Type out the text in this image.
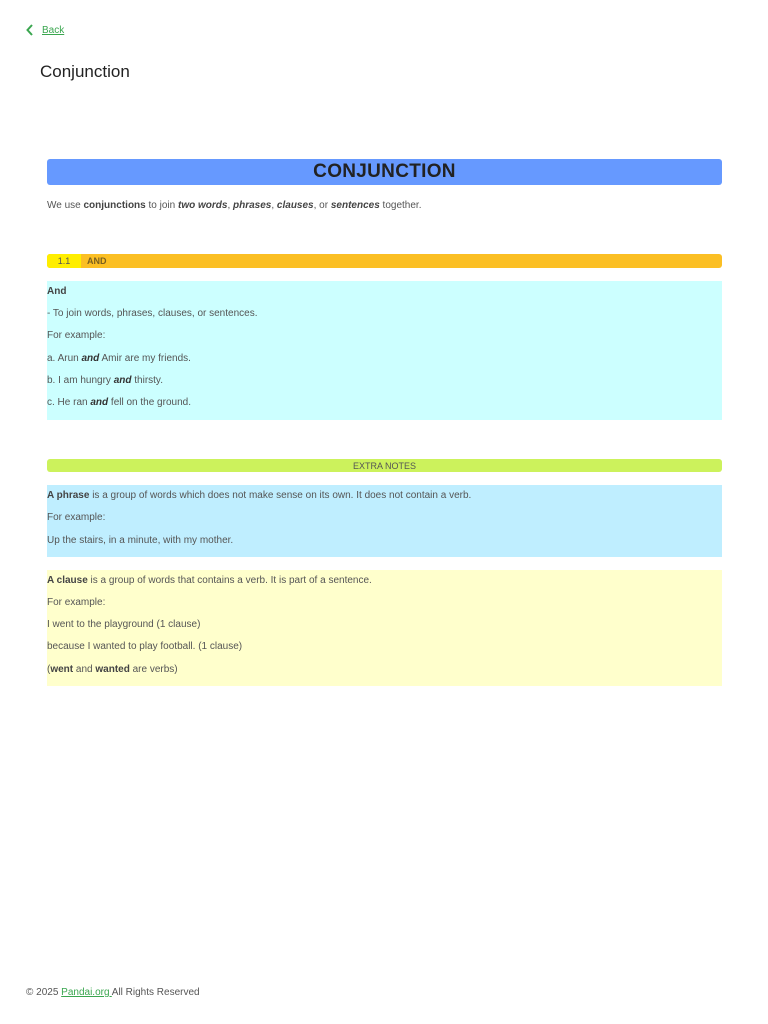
Back
Conjunction
CONJUNCTION

We use conjunctions to join two words, phrases, clauses, or sentences together.

1.1	AND

And

- To join words, phrases, clauses, or sentences.

For example:

a. Arun and Amir are my friends.

b. I am hungry and thirsty.

c. He ran and fell on the ground.

EXTRA NOTES

A phrase is a group of words which does not make sense on its own. It does not contain a verb.

For example:

Up the stairs, in a minute, with my mother.

A clause is a group of words that contains a verb. It is part of a sentence.

For example:

I went to the playground (1 clause)

because I wanted to play football. (1 clause)

(went and wanted are verbs)

© 2025 Pandai.org All Rights Reserved
